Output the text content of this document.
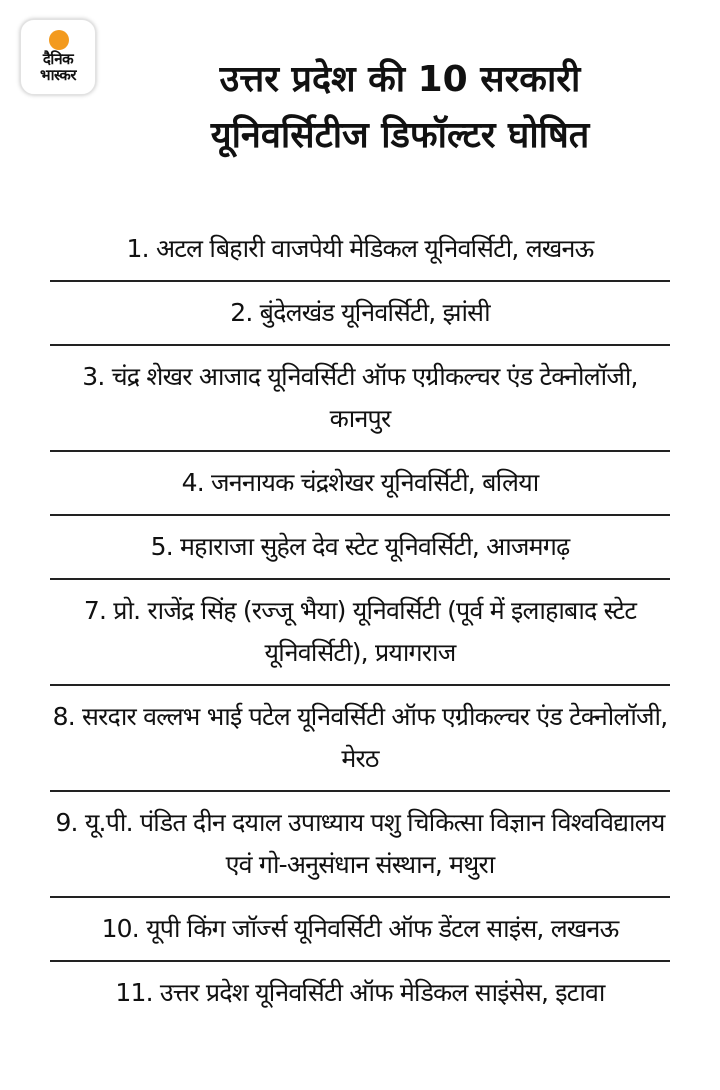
दैनिक
भास्कर	उत्तर प्रदेश की 10 सरकारी
यूनिवर्सिटीज डिफॉल्टर घोषित
1. अटल बिहारी वाजपेयी मेडिकल यूनिवर्सिटी, लखनऊ
2. बुंदेलखंड यूनिवर्सिटी, झांसी
3. चंद्र शेखर आजाद यूनिवर्सिटी ऑफ एग्रीकल्चर एंड टेक्नोलॉजी, कानपुर
4. जननायक चंद्रशेखर यूनिवर्सिटी, बलिया
5. महाराजा सुहेल देव स्टेट यूनिवर्सिटी, आजमगढ़
7. प्रो. राजेंद्र सिंह (रज्जू भैया) यूनिवर्सिटी (पूर्व में इलाहाबाद स्टेट यूनिवर्सिटी), प्रयागराज
8. सरदार वल्लभ भाई पटेल यूनिवर्सिटी ऑफ एग्रीकल्चर एंड टेक्नोलॉजी, मेरठ
9. यू.पी. पंडित दीन दयाल उपाध्याय पशु चिकित्सा विज्ञान विश्वविद्यालय एवं गो-अनुसंधान संस्थान, मथुरा
10. यूपी किंग जॉर्ज्स यूनिवर्सिटी ऑफ डेंटल साइंस, लखनऊ
11. उत्तर प्रदेश यूनिवर्सिटी ऑफ मेडिकल साइंसेस, इटावा
